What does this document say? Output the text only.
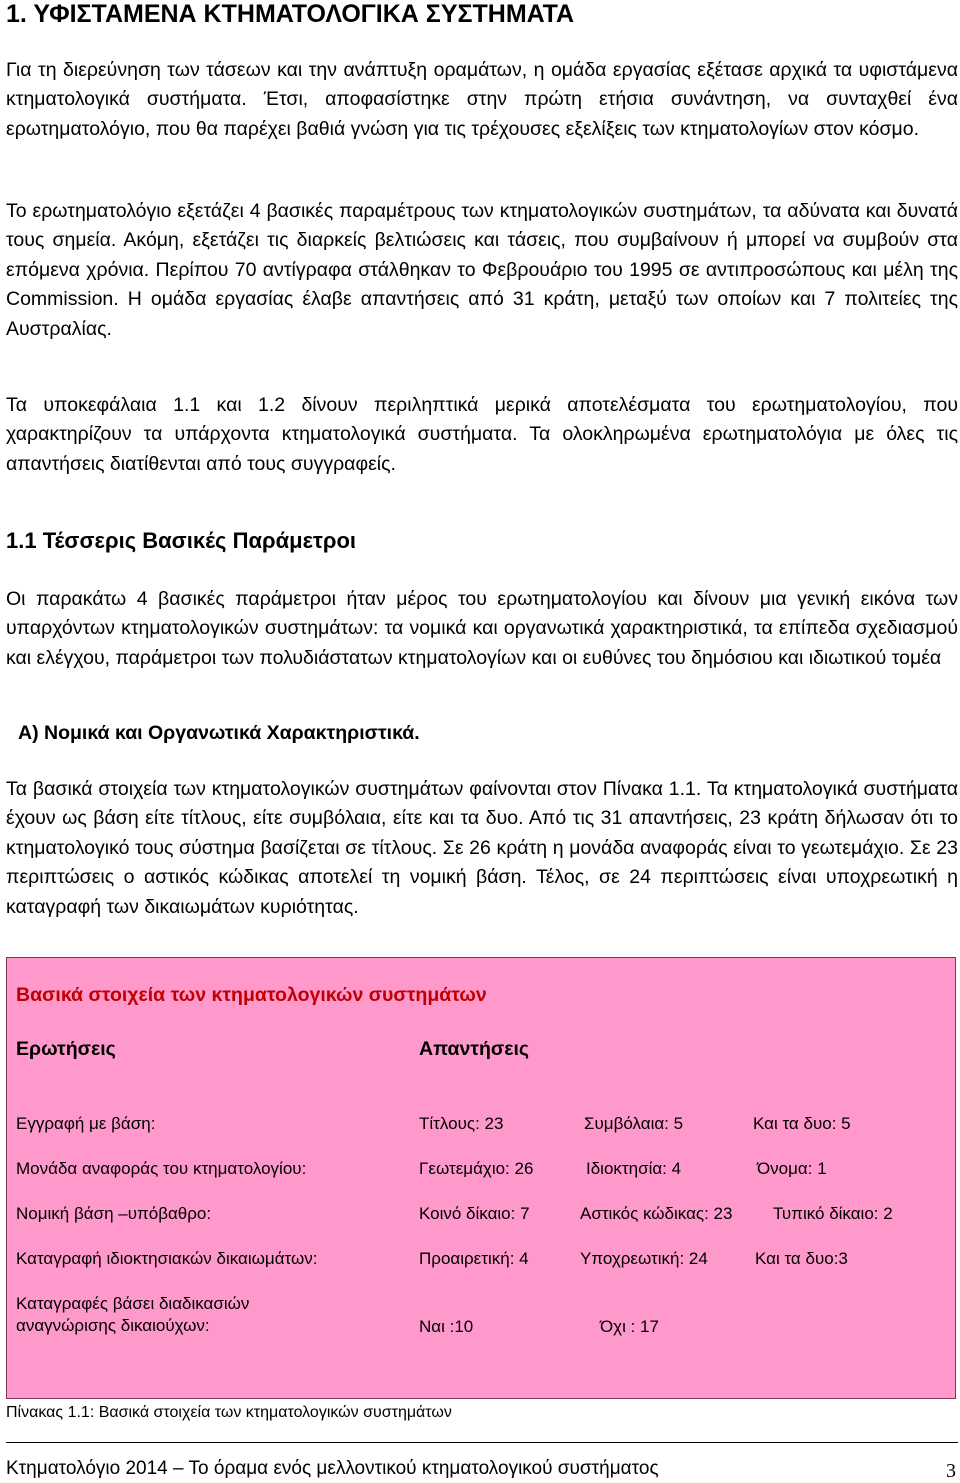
1. ΥΦΙΣΤΑΜΕΝΑ ΚΤΗΜΑΤΟΛΟΓΙΚΑ ΣΥΣΤΗΜΑΤΑ

Για τη διερεύνηση των τάσεων και την ανάπτυξη οραμάτων, η ομάδα εργασίας εξέτασε αρχικά τα υφιστάμενα κτηματολογικά συστήματα. Έτσι, αποφασίστηκε στην πρώτη ετήσια συνάντηση, να συνταχθεί ένα ερωτηματολόγιο, που θα παρέχει βαθιά γνώση για τις τρέχουσες εξελίξεις των κτηματολογίων στον κόσμο.

Το ερωτηματολόγιο εξετάζει 4 βασικές παραμέτρους των κτηματολογικών συστημάτων, τα αδύνατα και δυνατά τους σημεία. Ακόμη, εξετάζει τις διαρκείς βελτιώσεις και τάσεις, που συμβαίνουν ή μπορεί να συμβούν στα επόμενα χρόνια. Περίπου 70 αντίγραφα στάλθηκαν το Φεβρουάριο του 1995 σε αντιπροσώπους και μέλη της Commission. Η ομάδα εργασίας έλαβε απαντήσεις από 31 κράτη, μεταξύ των οποίων και 7 πολιτείες της Αυστραλίας.

Τα υποκεφάλαια 1.1 και 1.2 δίνουν περιληπτικά μερικά αποτελέσματα του ερωτηματολογίου, που χαρακτηρίζουν τα υπάρχοντα κτηματολογικά συστήματα. Τα ολοκληρωμένα ερωτηματολόγια με όλες τις απαντήσεις διατίθενται από τους συγγραφείς.

1.1 Τέσσερις Βασικές Παράμετροι

Οι παρακάτω 4 βασικές παράμετροι ήταν μέρος του ερωτηματολογίου και δίνουν μια γενική εικόνα των υπαρχόντων κτηματολογικών συστημάτων: τα νομικά και οργανωτικά χαρακτηριστικά, τα επίπεδα σχεδιασμού και ελέγχου, παράμετροι των πολυδιάστατων κτηματολογίων και οι ευθύνες του δημόσιου και ιδιωτικού τομέα

Α) Νομικά και Οργανωτικά Χαρακτηριστικά.

Τα βασικά στοιχεία των κτηματολογικών συστημάτων φαίνονται στον Πίνακα 1.1. Τα κτηματολογικά συστήματα έχουν ως βάση είτε τίτλους, είτε συμβόλαια, είτε και τα δυο. Από τις 31 απαντήσεις, 23 κράτη δήλωσαν ότι το κτηματολογικό τους σύστημα βασίζεται σε τίτλους. Σε 26 κράτη η μονάδα αναφοράς είναι το γεωτεμάχιο. Σε 23 περιπτώσεις ο αστικός κώδικας αποτελεί τη νομική βάση. Τέλος, σε 24 περιπτώσεις είναι υποχρεωτική η καταγραφή των δικαιωμάτων κυριότητας.

Βασικά στοιχεία των κτηματολογικών συστημάτων
Ερωτήσεις	Απαντήσεις
Εγγραφή με βάση:	Τίτλους: 23	Συμβόλαια: 5	Και τα δυο: 5
Μονάδα αναφοράς του κτηματολογίου:	Γεωτεμάχιο: 26	Ιδιοκτησία: 4	Όνομα: 1
Νομική βάση –υπόβαθρο:	Κοινό δίκαιο: 7	Αστικός κώδικας: 23 Τυπικό δίκαιο: 2
Καταγραφή ιδιοκτησιακών δικαιωμάτων:	Προαιρετική: 4	Υποχρεωτική: 24	Και τα δυο:3
Καταγραφές βάσει διαδικασιών αναγνώρισης δικαιούχων:	Ναι :10	Όχι : 17
Πίνακας 1.1: Βασικά στοιχεία των κτηματολογικών συστημάτων
Κτηματολόγιο 2014 – Το όραμα ενός μελλοντικού κτηματολογικού συστήματος	3
